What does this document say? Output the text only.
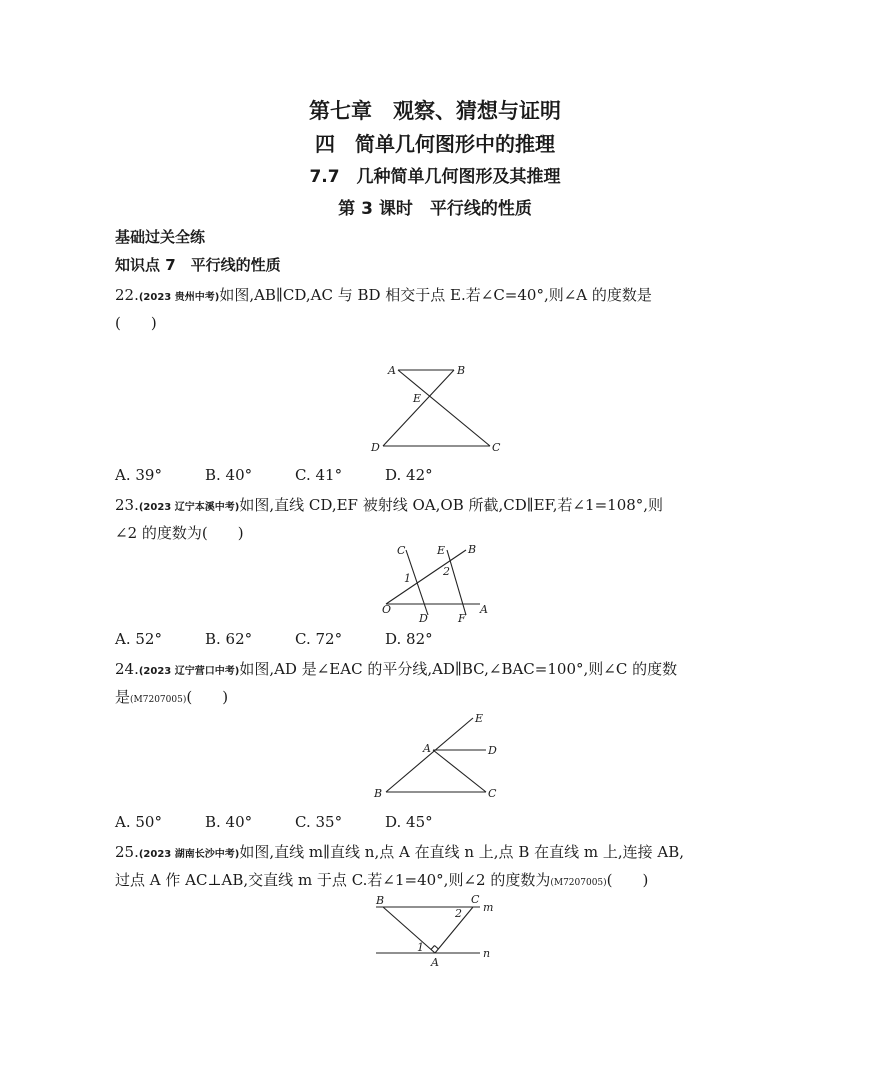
第七章　观察、猜想与证明
四　简单几何图形中的推理
7.7　几种简单几何图形及其推理
第 3 课时　平行线的性质
基础过关全练
知识点 7　平行线的性质
22.(2023 贵州中考)如图,AB∥CD,AC 与 BD 相交于点 E.若∠C=40°,则∠A 的度数是
(　　)
A	B
E
D	C
A. 39°	B. 40°	C. 41°	D. 42°
23.(2023 辽宁本溪中考)如图,直线 CD,EF 被射线 OA,OB 所截,CD∥EF,若∠1=108°,则
∠2 的度数为(　　)
C	E B
1
2
O
D	F
A
A. 52°	B. 62°	C. 72°	D. 82°
24.(2023 辽宁营口中考)如图,AD 是∠EAC 的平分线,AD∥BC,∠BAC=100°,则∠C 的度数
是(M7207005)(　　)
E
A	D
B	C
A. 50°	B. 40°	C. 35°	D. 45°
25.(2023 湖南长沙中考)如图,直线 m∥直线 n,点 A 在直线 n 上,点 B 在直线 m 上,连接 AB,
过点 A 作 AC⊥AB,交直线 m 于点 C.若∠1=40°,则∠2 的度数为(M7207005)(　　)
B	C
m
2
1
A
n
